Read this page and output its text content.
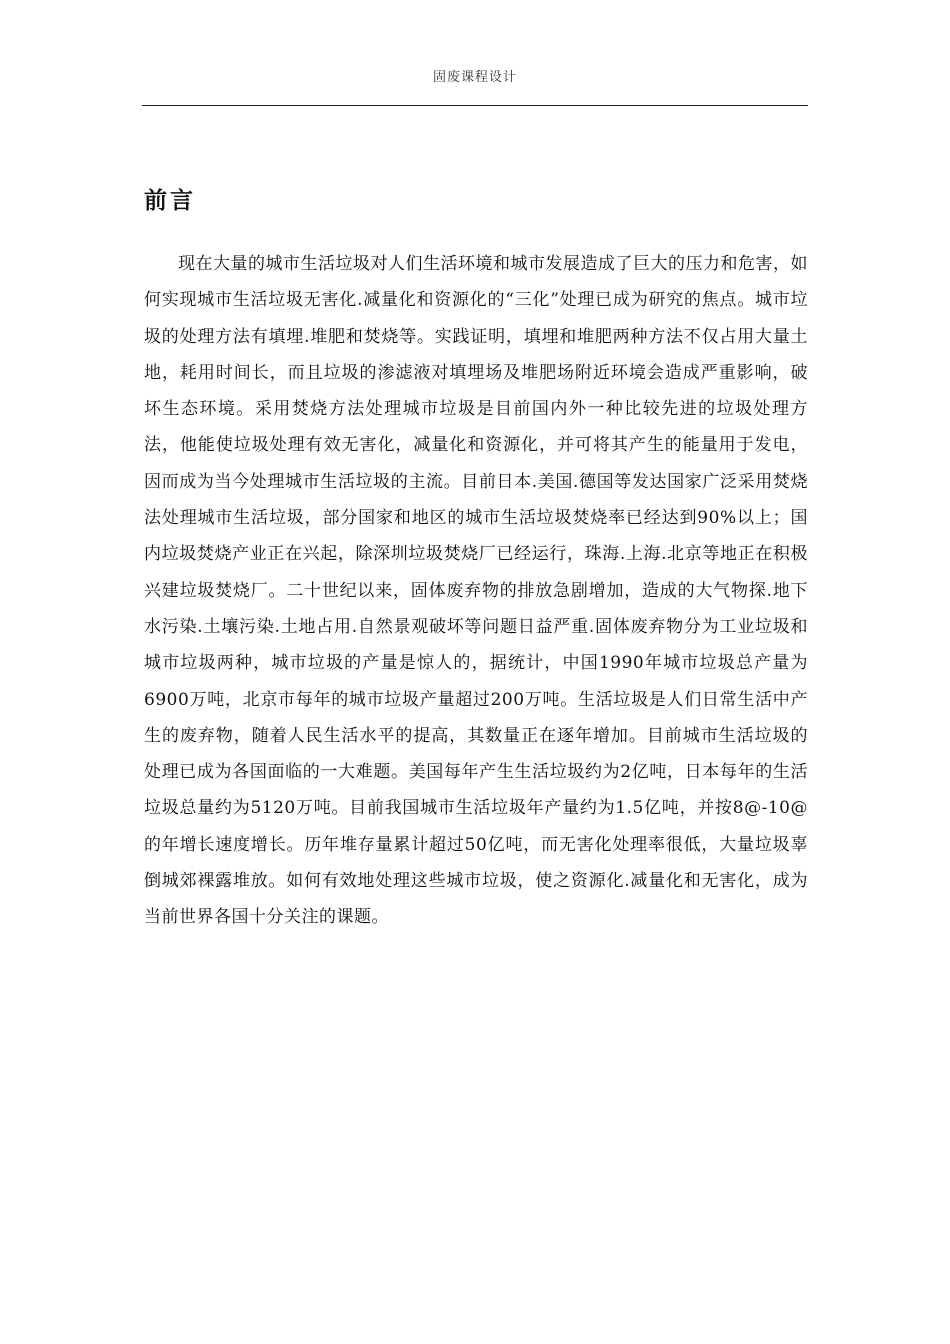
固废课程设计
前言

现在大量的城市生活垃圾对人们生活环境和城市发展造成了巨大的压力和危害，如何实现城市生活垃圾无害化.减量化和资源化的“三化”处理已成为研究的焦点。城市垃圾的处理方法有填埋.堆肥和焚烧等。实践证明，填埋和堆肥两种方法不仅占用大量土地，耗用时间长，而且垃圾的渗滤液对填埋场及堆肥场附近环境会造成严重影响，破坏生态环境。采用焚烧方法处理城市垃圾是目前国内外一种比较先进的垃圾处理方法，他能使垃圾处理有效无害化，减量化和资源化，并可将其产生的能量用于发电，因而成为当今处理城市生活垃圾的主流。目前日本.美国.德国等发达国家广泛采用焚烧法处理城市生活垃圾，部分国家和地区的城市生活垃圾焚烧率已经达到90%以上；国内垃圾焚烧产业正在兴起，除深圳垃圾焚烧厂已经运行，珠海.上海.北京等地正在积极兴建垃圾焚烧厂。二十世纪以来，固体废弃物的排放急剧增加，造成的大气物探.地下水污染.土壤污染.土地占用.自然景观破坏等问题日益严重.固体废弃物分为工业垃圾和城市垃圾两种，城市垃圾的产量是惊人的，据统计，中国1990年城市垃圾总产量为6900万吨，北京市每年的城市垃圾产量超过200万吨。生活垃圾是人们日常生活中产生的废弃物，随着人民生活水平的提高，其数量正在逐年增加。目前城市生活垃圾的处理已成为各国面临的一大难题。美国每年产生生活垃圾约为2亿吨，日本每年的生活垃圾总量约为5120万吨。目前我国城市生活垃圾年产量约为1.5亿吨，并按8@-10@的年增长速度增长。历年堆存量累计超过50亿吨，而无害化处理率很低，大量垃圾辜倒城郊裸露堆放。如何有效地处理这些城市垃圾，使之资源化.减量化和无害化，成为当前世界各国十分关注的课题。
